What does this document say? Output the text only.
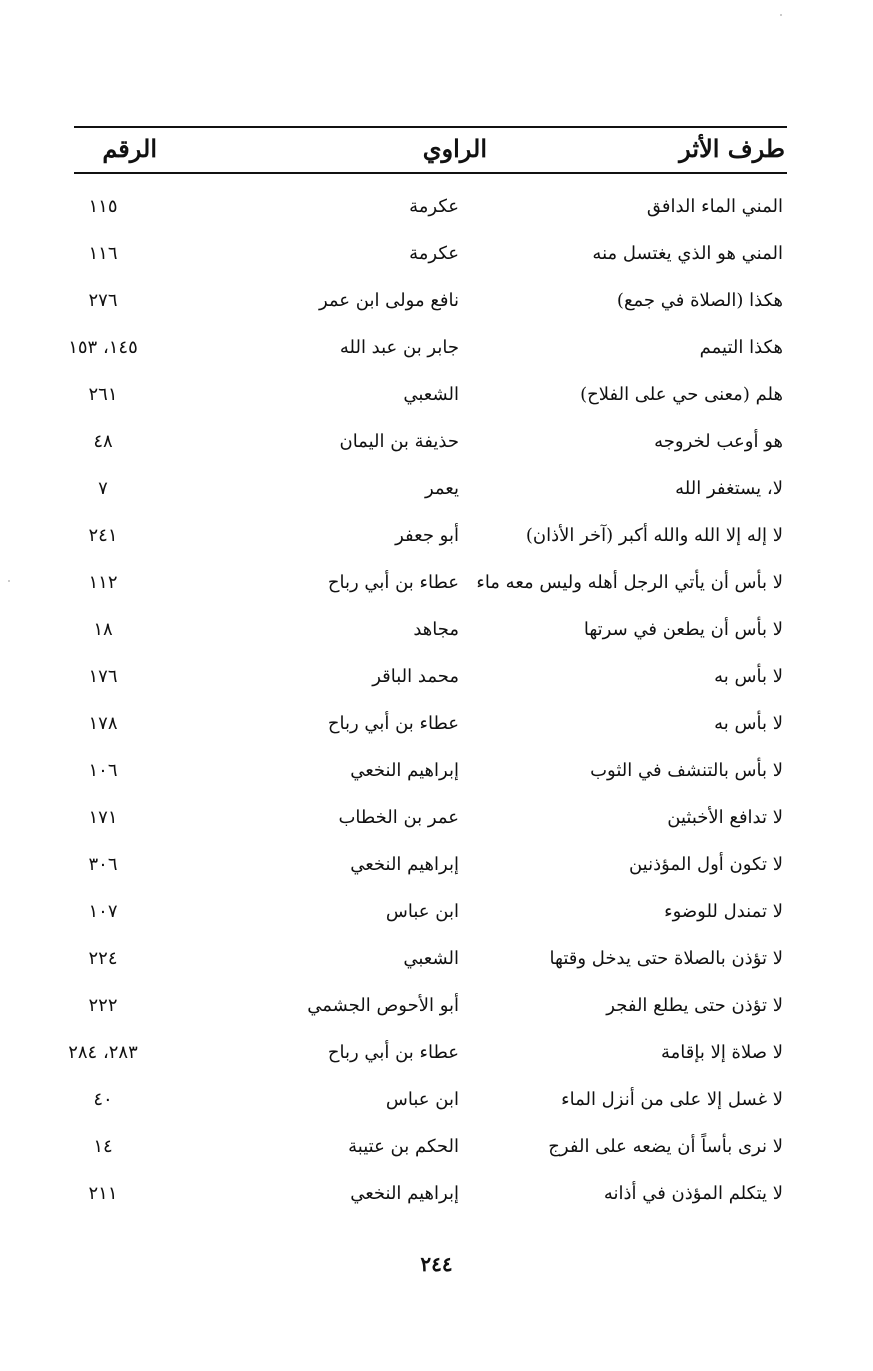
طرف الأثر
الراوي
الرقم
المني الماء الدافق
عكرمة
١١٥
المني هو الذي يغتسل منه
عكرمة
١١٦
هكذا (الصلاة في جمع)
نافع مولى ابن عمر
٢٧٦
هكذا التيمم
جابر بن عبد الله
١٤٥، ١٥٣
هلم (معنى حي على الفلاح)
الشعبي
٢٦١
هو أوعب لخروجه
حذيفة بن اليمان
٤٨
لا، يستغفر الله
يعمر
٧
لا إله إلا الله والله أكبر (آخر الأذان)
أبو جعفر
٢٤١
لا بأس أن يأتي الرجل أهله وليس معه ماء
عطاء بن أبي رباح
١١٢
لا بأس أن يطعن في سرتها
مجاهد
١٨
لا بأس به
محمد الباقر
١٧٦
لا بأس به
عطاء بن أبي رباح
١٧٨
لا بأس بالتنشف في الثوب
إبراهيم النخعي
١٠٦
لا تدافع الأخبثين
عمر بن الخطاب
١٧١
لا تكون أول المؤذنين
إبراهيم النخعي
٣٠٦
لا تمندل للوضوء
ابن عباس
١٠٧
لا تؤذن بالصلاة حتى يدخل وقتها
الشعبي
٢٢٤
لا تؤذن حتى يطلع الفجر
أبو الأحوص الجشمي
٢٢٢
لا صلاة إلا بإقامة
عطاء بن أبي رباح
٢٨٣، ٢٨٤
لا غسل إلا على من أنزل الماء
ابن عباس
٤٠
لا نرى بأساً أن يضعه على الفرج
الحكم بن عتيبة
١٤
لا يتكلم المؤذن في أذانه
إبراهيم النخعي
٢١١
٢٤٤
